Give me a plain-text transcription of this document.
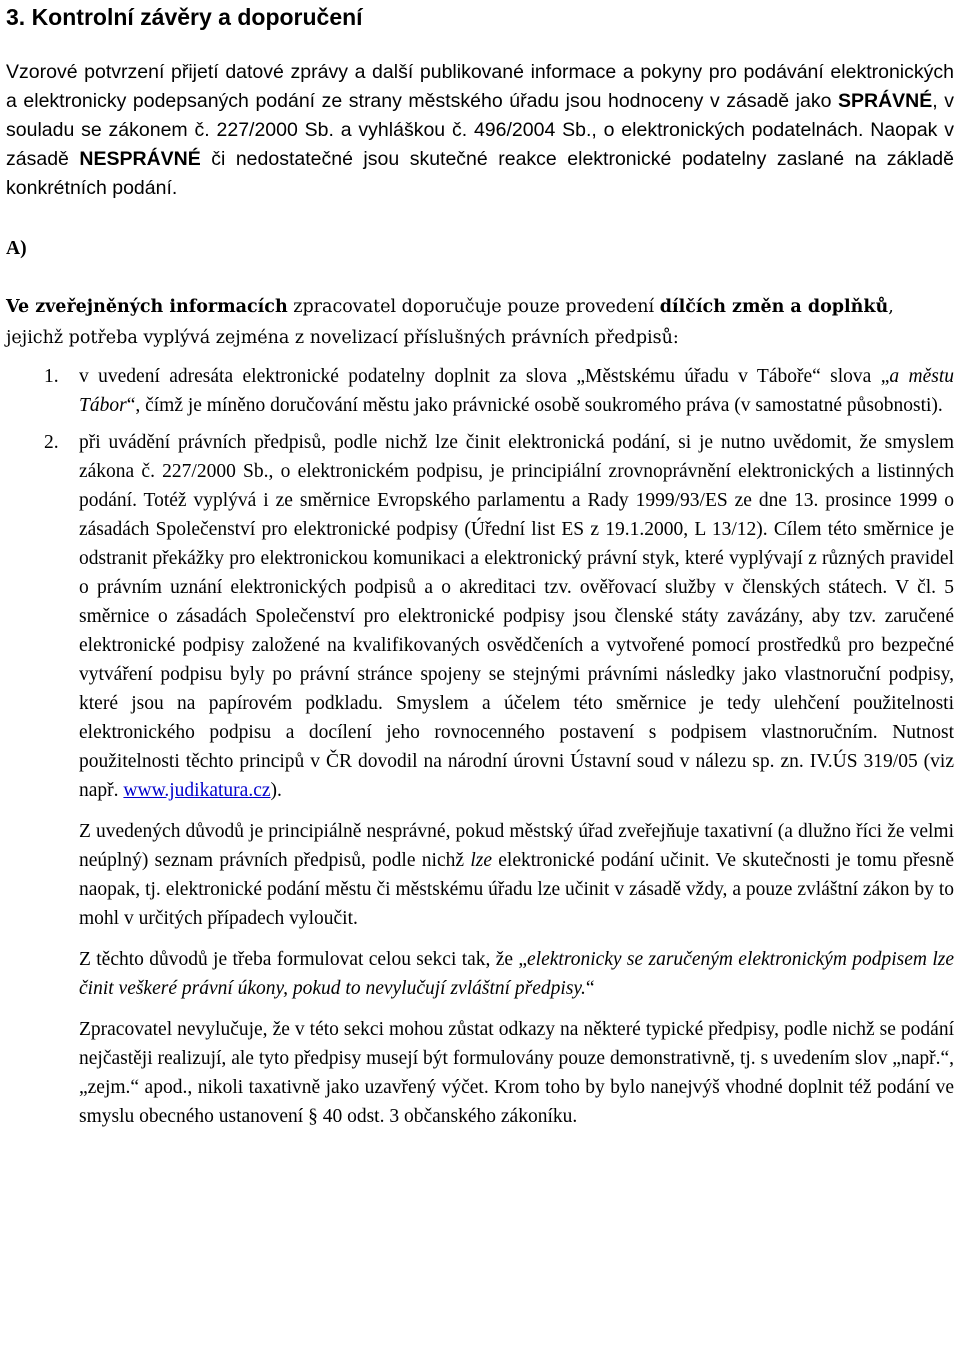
3. Kontrolní závěry a doporučení

Vzorové potvrzení přijetí datové zprávy a další publikované informace a pokyny pro podávání elektronických a elektronicky podepsaných podání ze strany městského úřadu jsou hodnoceny v zásadě jako SPRÁVNÉ, v souladu se zákonem č. 227/2000 Sb. a vyhláškou č. 496/2004 Sb., o elektronických podatelnách. Naopak v zásadě NESPRÁVNÉ či nedostatečné jsou skutečné reakce elektronické podatelny zaslané na základě konkrétních podání.

A)

Ve zveřejněných informacích zpracovatel doporučuje pouze provedení dílčích změn a doplňků, jejichž potřeba vyplývá zejména z novelizací příslušných právních předpisů:

1. v uvedení adresáta elektronické podatelny doplnit za slova „Městskému úřadu v Táboře“ slova „a městu Tábor“, čímž je míněno doručování městu jako právnické osobě soukromého práva (v samostatné působnosti).
2. při uvádění právních předpisů, podle nichž lze činit elektronická podání, si je nutno uvědomit, že smyslem zákona č. 227/2000 Sb., o elektronickém podpisu, je principiální zrovnoprávnění elektronických a listinných podání. Totéž vyplývá i ze směrnice Evropského parlamentu a Rady 1999/93/ES ze dne 13. prosince 1999 o zásadách Společenství pro elektronické podpisy (Úřední list ES z 19.1.2000, L 13/12). Cílem této směrnice je odstranit překážky pro elektronickou komunikaci a elektronický právní styk, které vyplývají z různých pravidel o právním uznání elektronických podpisů a o akreditaci tzv. ověřovací služby v členských státech. V čl. 5 směrnice o zásadách Společenství pro elektronické podpisy jsou členské státy zavázány, aby tzv. zaručené elektronické podpisy založené na kvalifikovaných osvědčeních a vytvořené pomocí prostředků pro bezpečné vytváření podpisu byly po právní stránce spojeny se stejnými právními následky jako vlastnoruční podpisy, které jsou na papírovém podkladu. Smyslem a účelem této směrnice je tedy ulehčení použitelnosti elektronického podpisu a docílení jeho rovnocenného postavení s podpisem vlastnoručním. Nutnost použitelnosti těchto principů v ČR dovodil na národní úrovni Ústavní soud v nálezu sp. zn. IV.ÚS 319/05 (viz např. www.judikatura.cz).

Z uvedených důvodů je principiálně nesprávné, pokud městský úřad zveřejňuje taxativní (a dlužno říci že velmi neúplný) seznam právních předpisů, podle nichž lze elektronické podání učinit. Ve skutečnosti je tomu přesně naopak, tj. elektronické podání městu či městskému úřadu lze učinit v zásadě vždy, a pouze zvláštní zákon by to mohl v určitých případech vyloučit.

Z těchto důvodů je třeba formulovat celou sekci tak, že „elektronicky se zaručeným elektronickým podpisem lze činit veškeré právní úkony, pokud to nevylučují zvláštní předpisy.“

Zpracovatel nevylučuje, že v této sekci mohou zůstat odkazy na některé typické předpisy, podle nichž se podání nejčastěji realizují, ale tyto předpisy musejí být formulovány pouze demonstrativně, tj. s uvedením slov „např.“, „zejm.“ apod., nikoli taxativně jako uzavřený výčet. Krom toho by bylo nanejvýš vhodné doplnit též podání ve smyslu obecného ustanovení § 40 odst. 3 občanského zákoníku.
